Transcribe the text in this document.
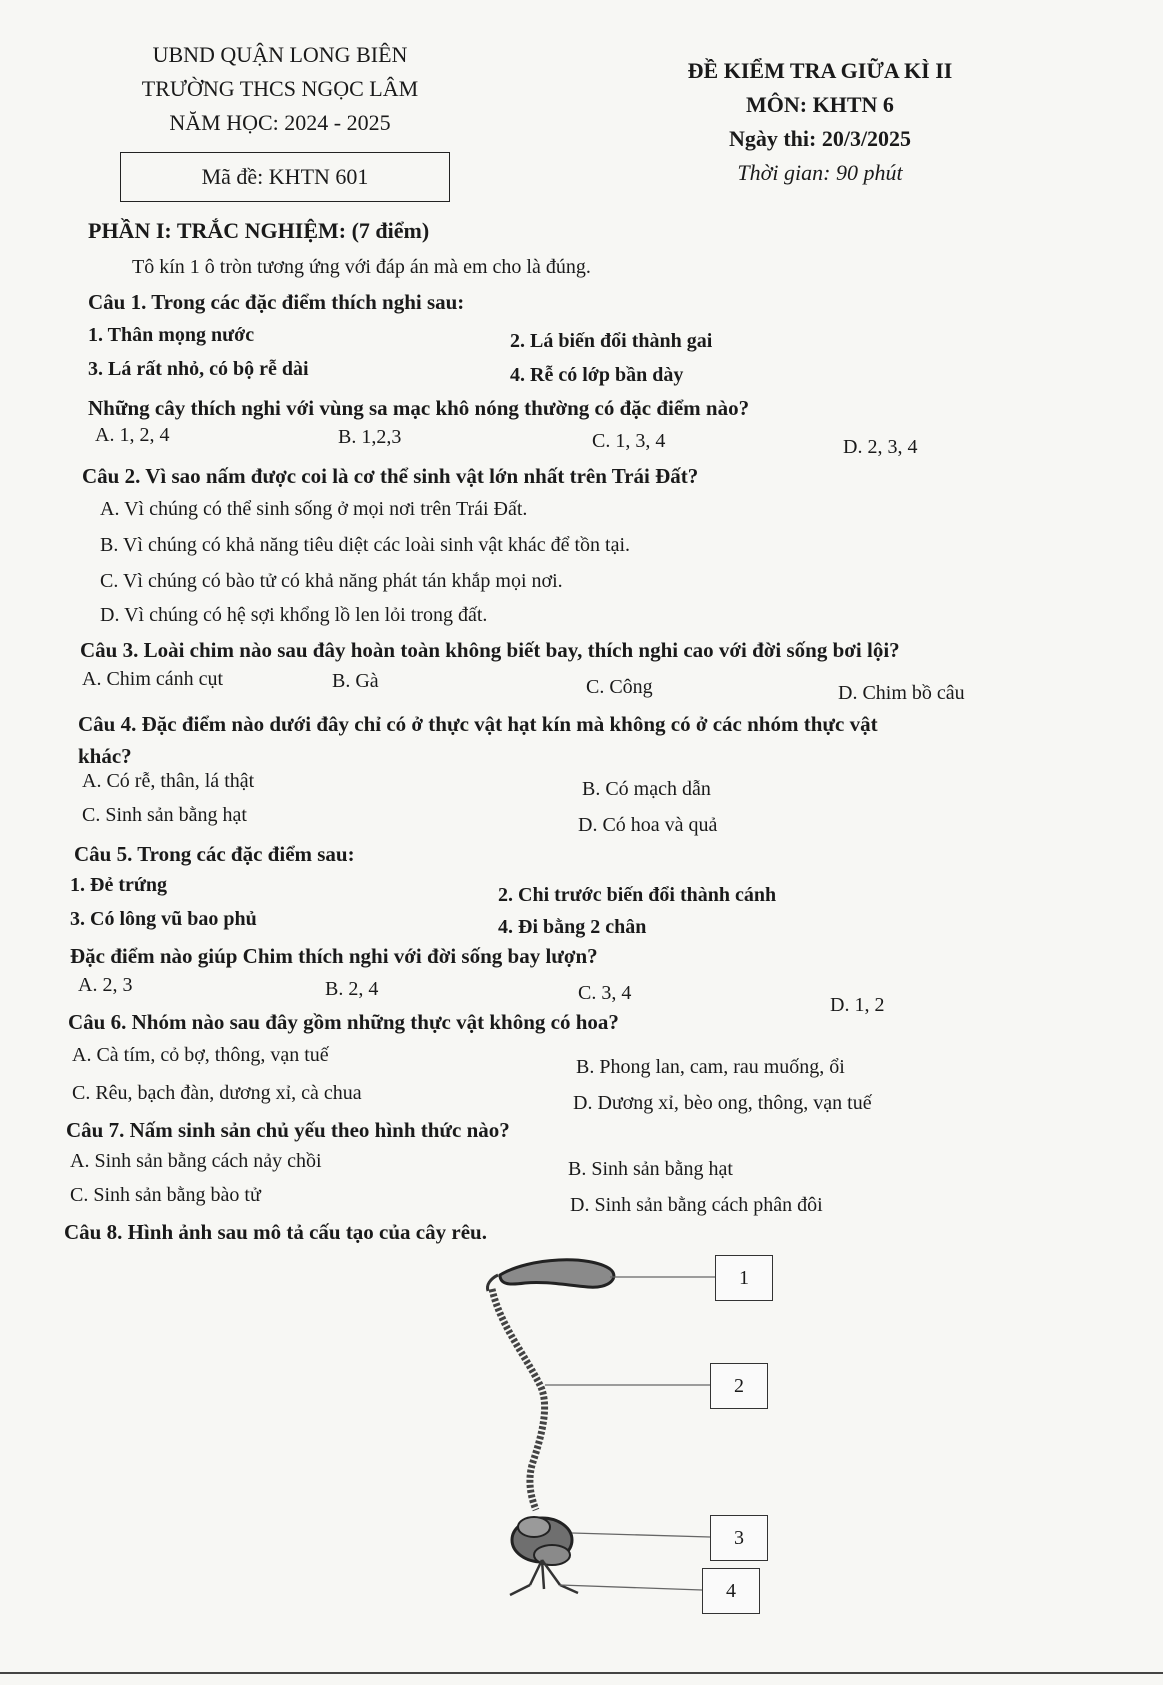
UBND QUẬN LONG BIÊN
TRƯỜNG THCS NGỌC LÂM
NĂM HỌC: 2024 - 2025
Mã đề: KHTN 601
ĐỀ KIỂM TRA GIỮA KÌ II
MÔN: KHTN 6
Ngày thi: 20/3/2025
Thời gian: 90 phút
PHẦN I: TRẮC NGHIỆM: (7 điểm)
Tô kín 1 ô tròn tương ứng với đáp án mà em cho là đúng.
Câu 1. Trong các đặc điểm thích nghi sau:
1. Thân mọng nước	2. Lá biến đổi thành gai
3. Lá rất nhỏ, có bộ rễ dài	4. Rễ có lớp bần dày
Những cây thích nghi với vùng sa mạc khô nóng thường có đặc điểm nào?
A. 1, 2, 4	B. 1,2,3	C. 1, 3, 4	D. 2, 3, 4
Câu 2. Vì sao nấm được coi là cơ thể sinh vật lớn nhất trên Trái Đất?
A. Vì chúng có thể sinh sống ở mọi nơi trên Trái Đất.
B. Vì chúng có khả năng tiêu diệt các loài sinh vật khác để tồn tại.
C. Vì chúng có bào tử có khả năng phát tán khắp mọi nơi.
D. Vì chúng có hệ sợi khổng lồ len lỏi trong đất.
Câu 3. Loài chim nào sau đây hoàn toàn không biết bay, thích nghi cao với đời sống bơi lội?
A. Chim cánh cụt	B. Gà	C. Công	D. Chim bồ câu
Câu 4. Đặc điểm nào dưới đây chỉ có ở thực vật hạt kín mà không có ở các nhóm thực vật
khác?
A. Có rễ, thân, lá thật	B. Có mạch dẫn
C. Sinh sản bằng hạt	D. Có hoa và quả
Câu 5. Trong các đặc điểm sau:
1. Đẻ trứng	2. Chi trước biến đổi thành cánh
3. Có lông vũ bao phủ	4. Đi bằng 2 chân
Đặc điểm nào giúp Chim thích nghi với đời sống bay lượn?
A. 2, 3	B. 2, 4	C. 3, 4
D. 1, 2
Câu 6. Nhóm nào sau đây gồm những thực vật không có hoa?
A. Cà tím, cỏ bợ, thông, vạn tuế
B. Phong lan, cam, rau muống, ổi
C. Rêu, bạch đàn, dương xỉ, cà chua	D. Dương xỉ, bèo ong, thông, vạn tuế
Câu 7. Nấm sinh sản chủ yếu theo hình thức nào?
A. Sinh sản bằng cách nảy chồi	B. Sinh sản bằng hạt
C. Sinh sản bằng bào tử	D. Sinh sản bằng cách phân đôi
Câu 8. Hình ảnh sau mô tả cấu tạo của cây rêu.
1
2
3
4
